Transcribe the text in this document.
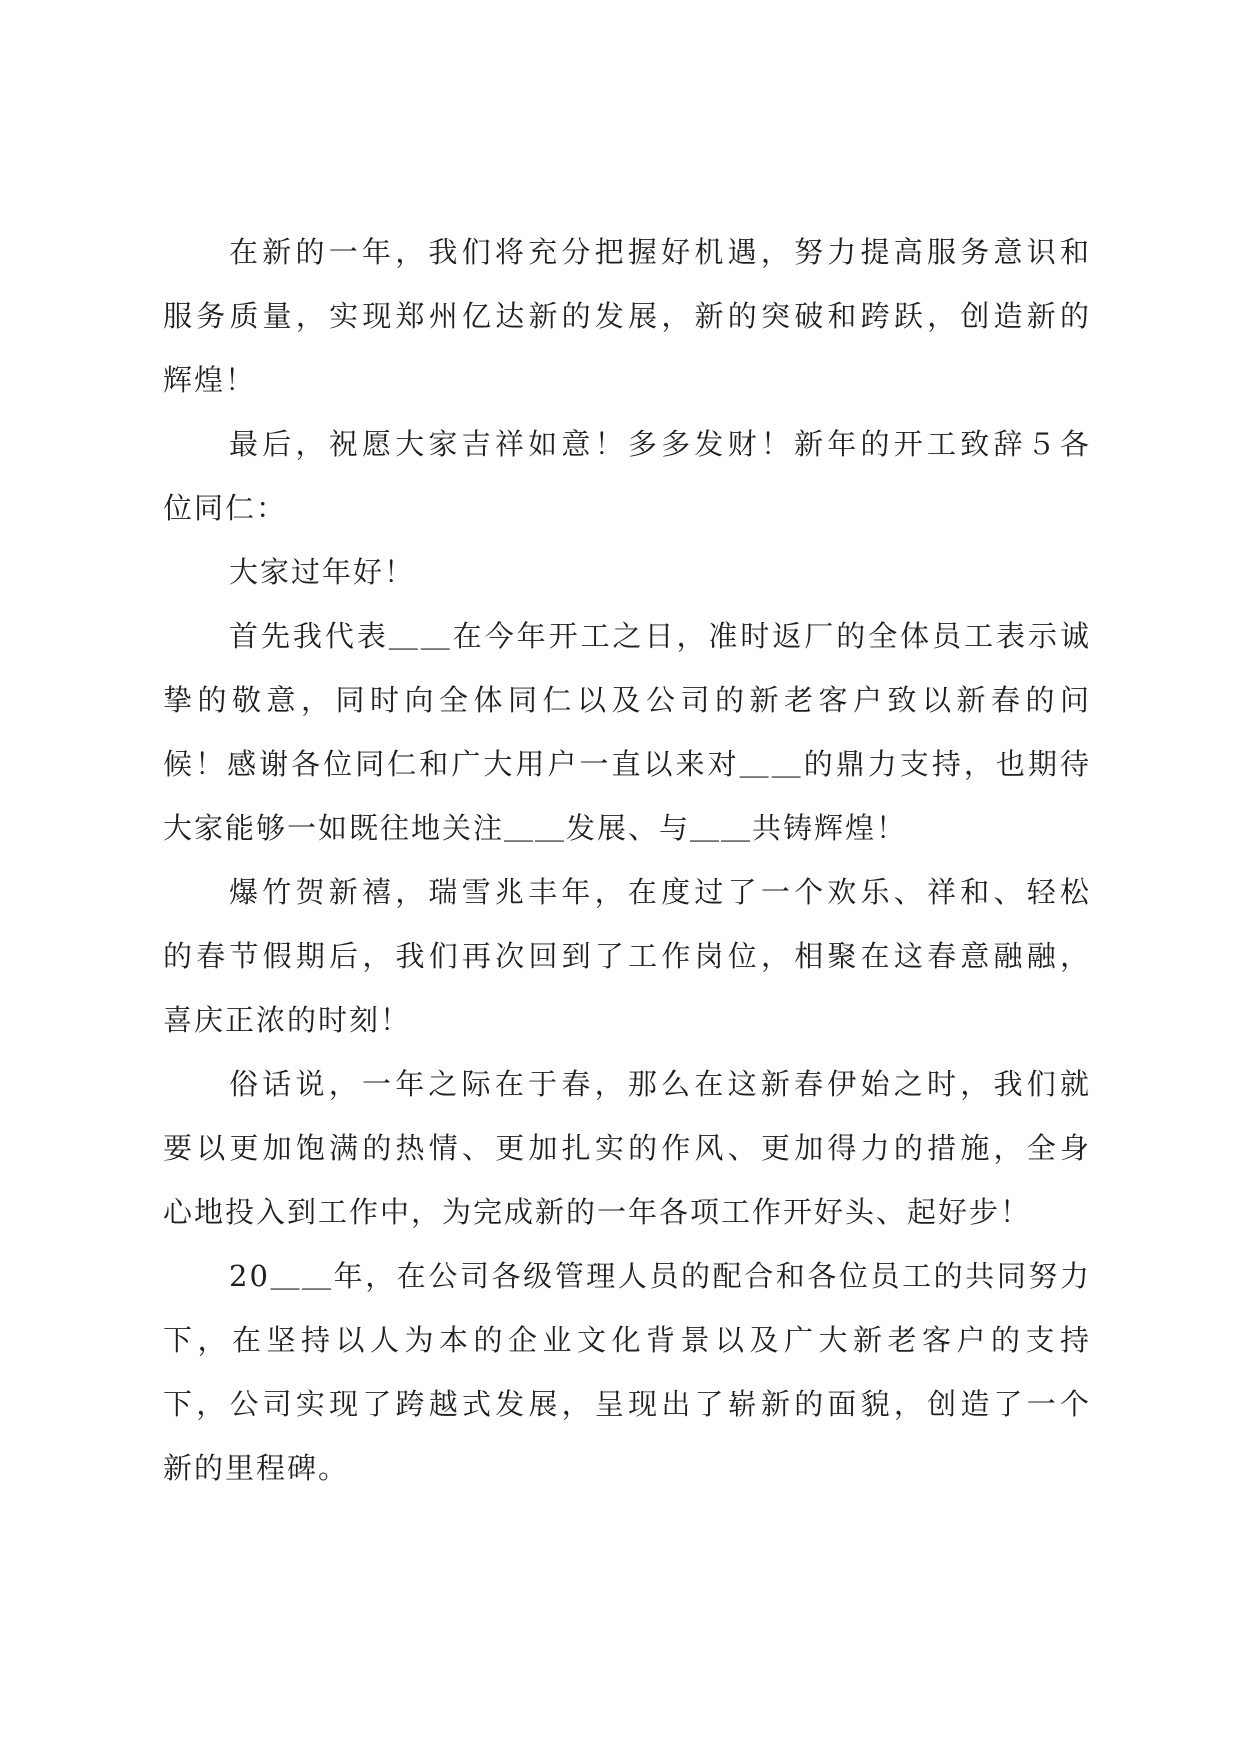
在新的一年，我们将充分把握好机遇，努力提高服务意识和
服务质量，实现郑州亿达新的发展，新的突破和跨跃，创造新的
辉煌！
最后，祝愿大家吉祥如意！多多发财！新年的开工致辞５各
位同仁：
大家过年好！
首先我代表＿＿在今年开工之日，准时返厂的全体员工表示诚
挚的敬意，同时向全体同仁以及公司的新老客户致以新春的问
候！感谢各位同仁和广大用户一直以来对＿＿的鼎力支持，也期待
大家能够一如既往地关注＿＿发展、与＿＿共铸辉煌！
爆竹贺新禧，瑞雪兆丰年，在度过了一个欢乐、祥和、轻松
的春节假期后，我们再次回到了工作岗位，相聚在这春意融融，
喜庆正浓的时刻！
俗话说，一年之际在于春，那么在这新春伊始之时，我们就
要以更加饱满的热情、更加扎实的作风、更加得力的措施，全身
心地投入到工作中，为完成新的一年各项工作开好头、起好步！
20＿＿年，在公司各级管理人员的配合和各位员工的共同努力
下，在坚持以人为本的企业文化背景以及广大新老客户的支持
下，公司实现了跨越式发展，呈现出了崭新的面貌，创造了一个
新的里程碑。
